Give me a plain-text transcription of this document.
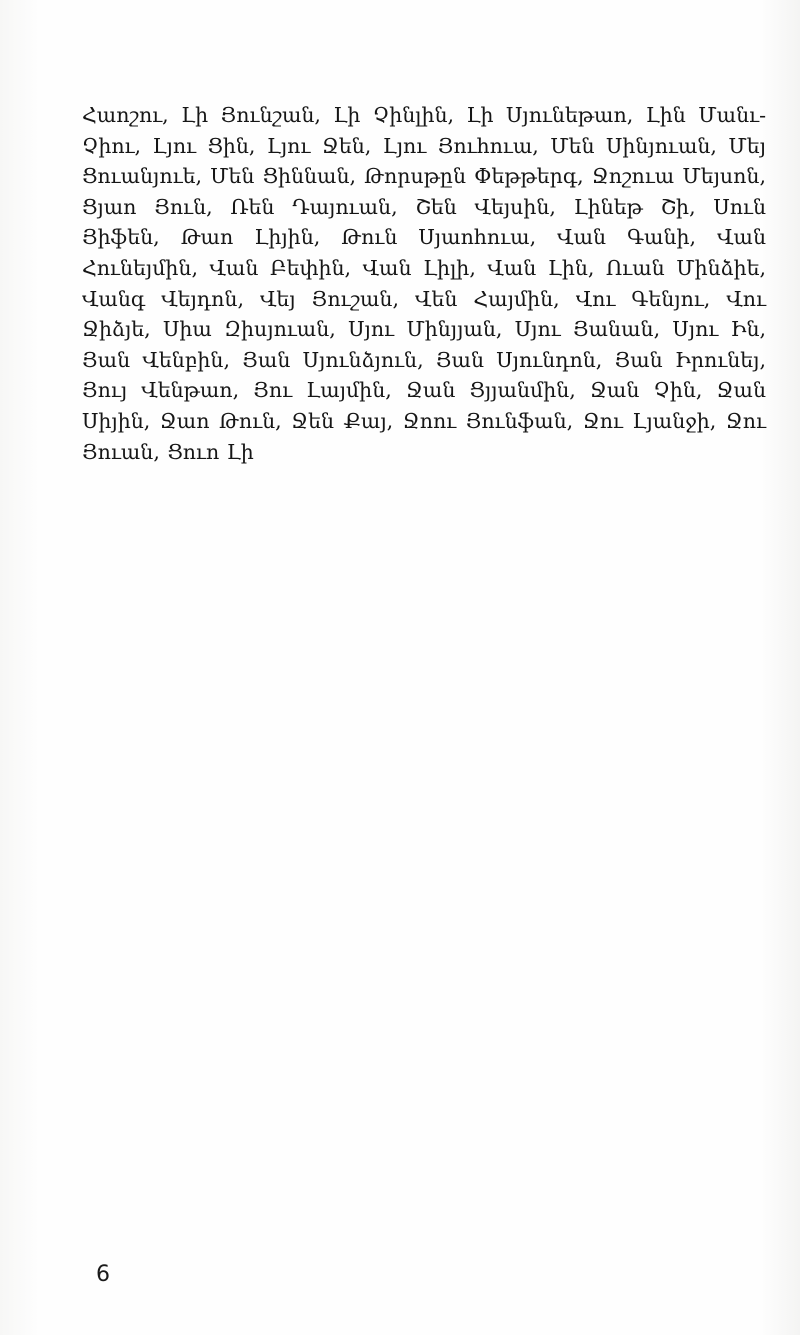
Հաոշու, Լի Յունշան, Լի Չինլին, Լի Սյունեթաո, Լին Մանւ-Չիու, Լյու Ցին, Լյու Ջեն, Լյու Յուհուա, Մեն Սինյուան, Մեյ Ցուանյուե, Մեն Ցիննան, Թորսթըն Փեթթերգ, Ջոշուա Մեյսոն, Ցյաո Յուն, Ռեն Դայուան, Շեն Վեյսին, Լինեթ Շի, Սուն Յիֆեն, Թաո Լիյին, Թուն Սյաոհուա, Վան Գանի, Վան Հունեյմին, Վան Բեփին, Վան Լիլի, Վան Լին, Ուան Մինձիե, Վանգ Վեյդոն, Վեյ Յուշան, Վեն Հայմին, Վու Գենյու, Վու Ջիձյե, Սիա Զիսյուան, Սյու Մինյյան, Սյու Յանան, Սյու Ին, Յան Վենբին, Յան Սյունձյուն, Յան Սյունդոն, Յան Իրունեյ, Յույ Վենթաո, Յու Լայմին, Ջան Ցյյանմին, Ջան Չին, Ջան Սիյին, Ջաո Թուն, Ջեն Քայ, Ջոու Յունֆան, Ջու Լյանջի, Ջու Յուան, Ցուո Լի

6
